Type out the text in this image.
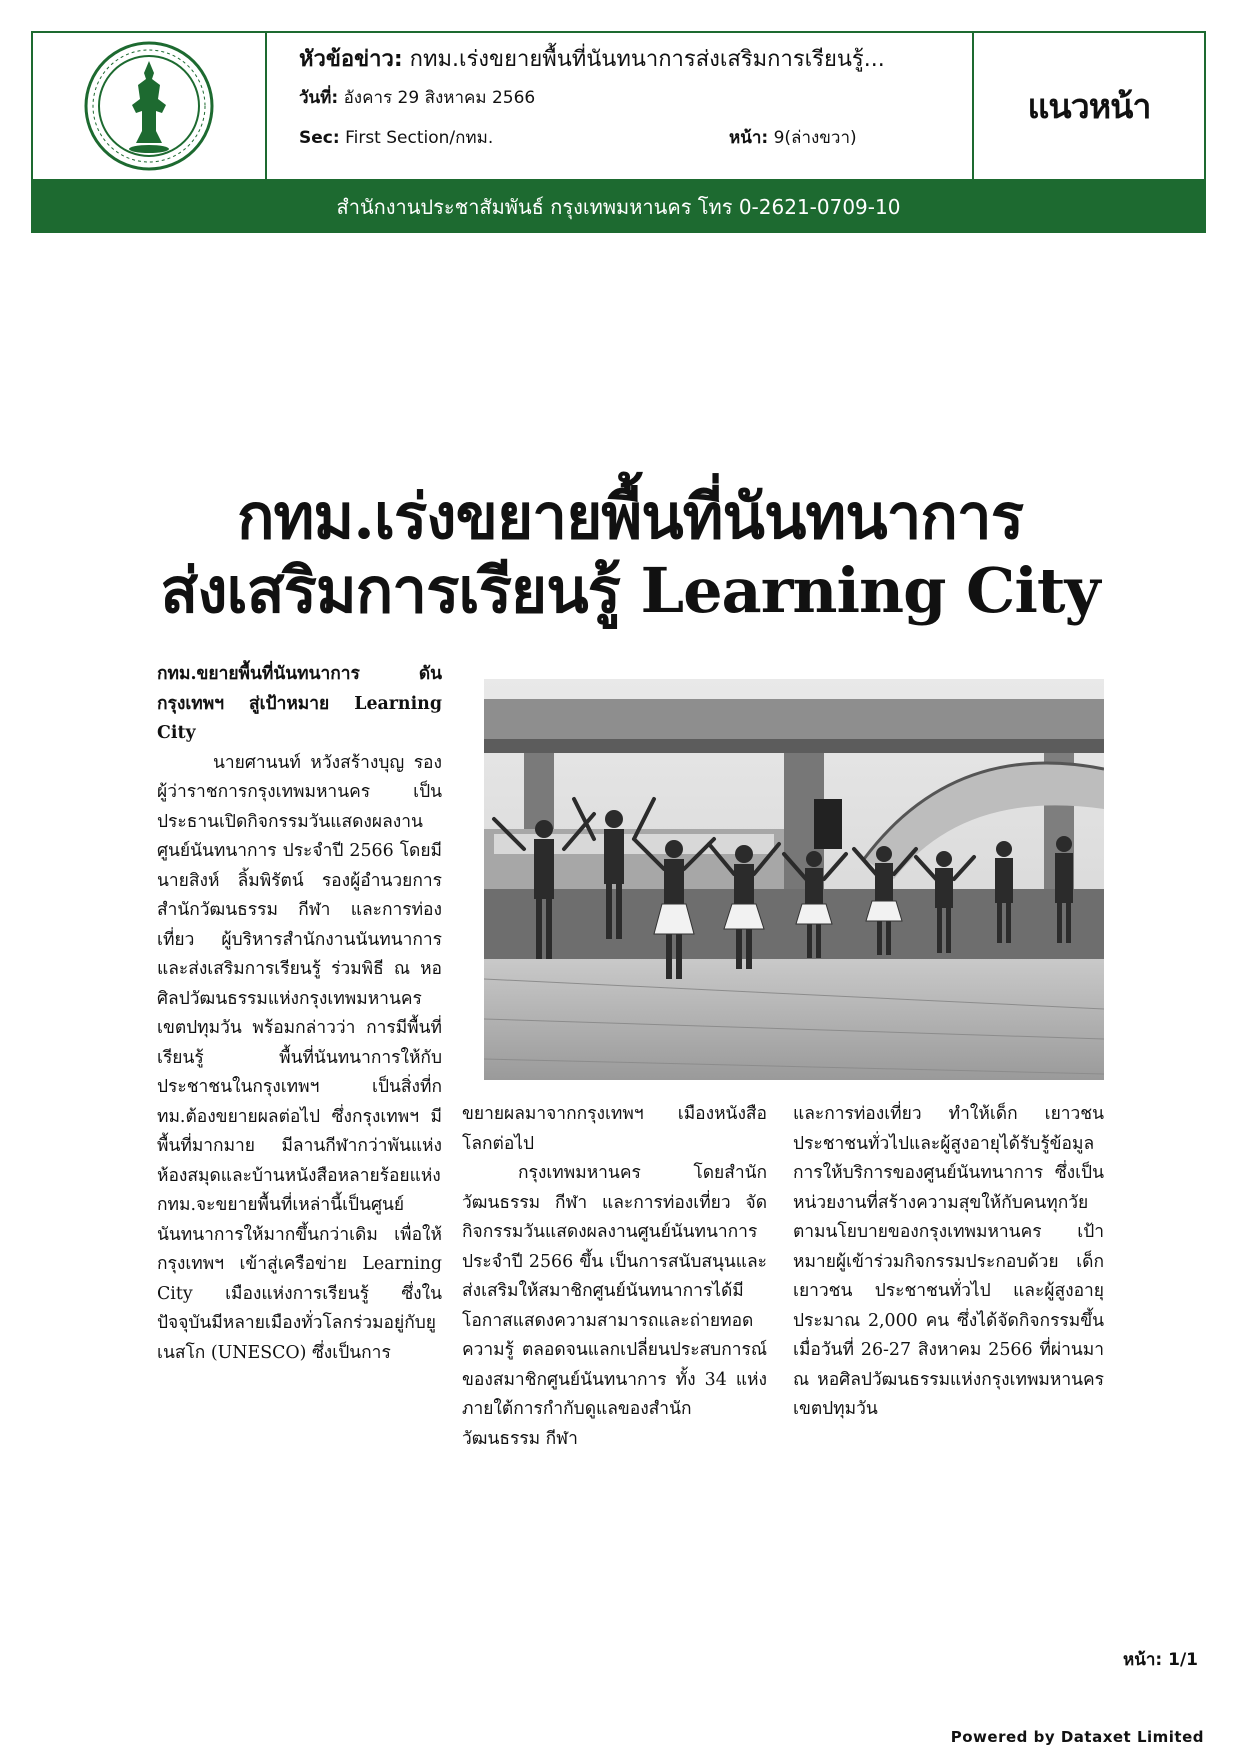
หัวข้อข่าว: กทม.เร่งขยายพื้นที่นันทนาการส่งเสริมการเรียนรู้...
วันที่: อังคาร 29 สิงหาคม 2566
Sec: First Section/กทม.	หน้า: 9(ล่างขวา)
แนวหน้า
สำนักงานประชาสัมพันธ์ กรุงเทพมหานคร โทร 0-2621-0709-10
กทม.เร่งขยายพื้นที่นันทนาการ
ส่งเสริมการเรียนรู้ Learning City
กทม.ขยายพื้นที่นันทนาการ ดันกรุงเทพฯ สู่เป้าหมาย Learning City
นายศานนท์ หวังสร้างบุญ รองผู้ว่าราชการกรุงเทพมหานคร เป็นประธานเปิดกิจกรรมวันแสดงผลงานศูนย์นันทนาการ ประจำปี 2566 โดยมี นายสิงห์ ลิ้มพิรัตน์ รองผู้อำนวยการสำนักวัฒนธรรม กีฬา และการท่องเที่ยว ผู้บริหารสำนักงานนันทนาการและส่งเสริมการเรียนรู้ ร่วมพิธี ณ หอศิลปวัฒนธรรมแห่งกรุงเทพมหานคร เขตปทุมวัน พร้อมกล่าวว่า การมีพื้นที่เรียนรู้ พื้นที่นันทนาการให้กับประชาชนในกรุงเทพฯ เป็นสิ่งที่กทม.ต้องขยายผลต่อไป ซึ่งกรุงเทพฯ มีพื้นที่มากมาย มีลานกีฬากว่าพันแห่ง ห้องสมุดและบ้านหนังสือหลายร้อยแห่ง กทม.จะขยายพื้นที่เหล่านี้เป็นศูนย์นันทนาการให้มากขึ้นกว่าเดิม เพื่อให้กรุงเทพฯ เข้าสู่เครือข่าย Learning City เมืองแห่งการเรียนรู้ ซึ่งในปัจจุบันมีหลายเมืองทั่วโลกร่วมอยู่กับยูเนสโก (UNESCO) ซึ่งเป็นการ
ขยายผลมาจากกรุงเทพฯ เมืองหนังสือโลกต่อไป
กรุงเทพมหานคร โดยสำนักวัฒนธรรม กีฬา และการท่องเที่ยว จัดกิจกรรมวันแสดงผลงานศูนย์นันทนาการ ประจำปี 2566 ขึ้น เป็นการสนับสนุนและส่งเสริมให้สมาชิกศูนย์นันทนาการได้มีโอกาสแสดงความสามารถและถ่ายทอดความรู้ ตลอดจนแลกเปลี่ยนประสบการณ์ของสมาชิกศูนย์นันทนาการ ทั้ง 34 แห่ง ภายใต้การกำกับดูแลของสำนักวัฒนธรรม กีฬา
และการท่องเที่ยว ทำให้เด็ก เยาวชน ประชาชนทั่วไปและผู้สูงอายุได้รับรู้ข้อมูลการให้บริการของศูนย์นันทนาการ ซึ่งเป็นหน่วยงานที่สร้างความสุขให้กับคนทุกวัยตามนโยบายของกรุงเทพมหานคร เป้าหมายผู้เข้าร่วมกิจกรรมประกอบด้วย เด็ก เยาวชน ประชาชนทั่วไป และผู้สูงอายุ ประมาณ 2,000 คน ซึ่งได้จัดกิจกรรมขึ้นเมื่อวันที่ 26-27 สิงหาคม 2566 ที่ผ่านมา ณ หอศิลปวัฒนธรรมแห่งกรุงเทพมหานคร เขตปทุมวัน
หน้า: 1/1
Powered by Dataxet Limited
